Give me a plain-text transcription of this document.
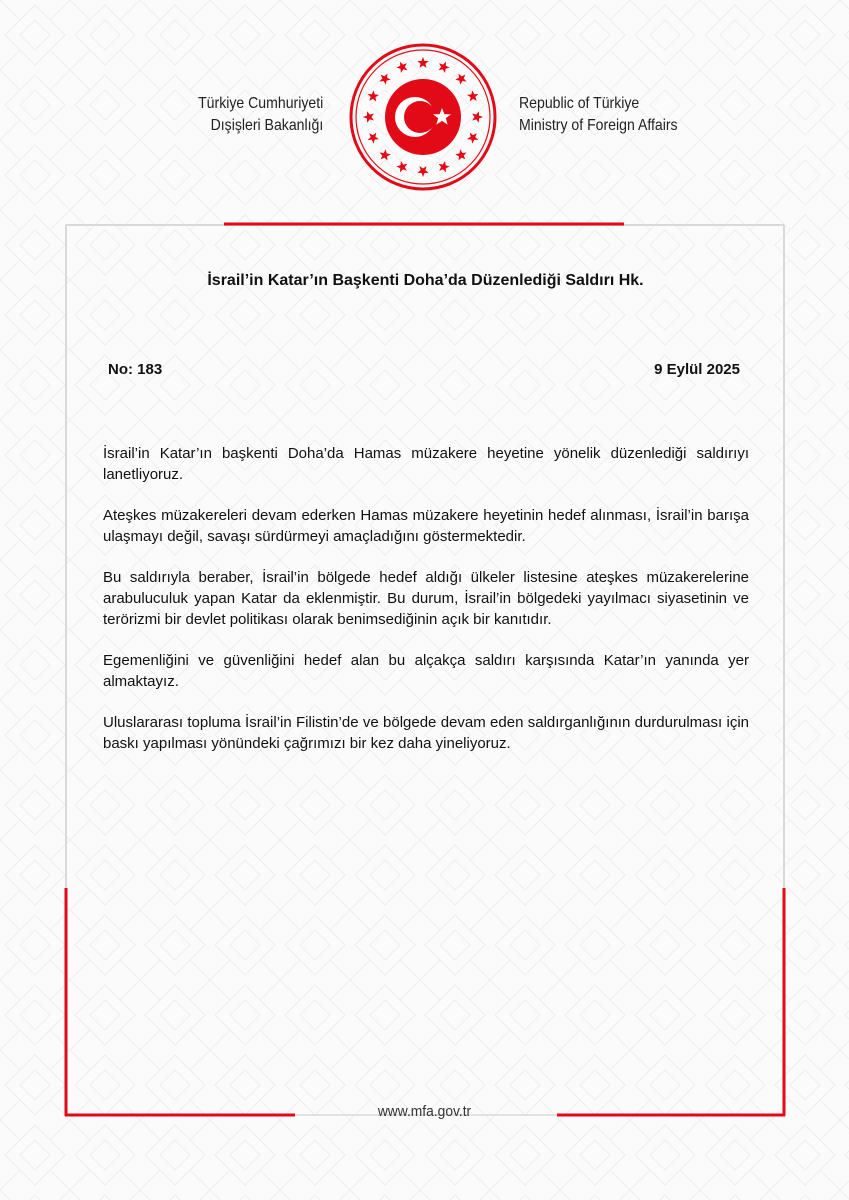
Türkiye Cumhuriyeti
Dışişleri Bakanlığı
Republic of Türkiye
Ministry of Foreign Affairs
İsrail’in Katar’ın Başkenti Doha’da Düzenlediği Saldırı Hk.
No: 183	9 Eylül 2025

İsrail’in Katar’ın başkenti Doha’da Hamas müzakere heyetine yönelik düzenlediği saldırıyı lanetliyoruz.

Ateşkes müzakereleri devam ederken Hamas müzakere heyetinin hedef alınması, İsrail’in barışa ulaşmayı değil, savaşı sürdürmeyi amaçladığını göstermektedir.

Bu saldırıyla beraber, İsrail’in bölgede hedef aldığı ülkeler listesine ateşkes müzakerelerine arabuluculuk yapan Katar da eklenmiştir. Bu durum, İsrail’in bölgedeki yayılmacı siyasetinin ve terörizmi bir devlet politikası olarak benimsediğinin açık bir kanıtıdır.

Egemenliğini ve güvenliğini hedef alan bu alçakça saldırı karşısında Katar’ın yanında yer almaktayız.

Uluslararası topluma İsrail’in Filistin’de ve bölgede devam eden saldırganlığının durdurulması için baskı yapılması yönündeki çağrımızı bir kez daha yineliyoruz.

www.mfa.gov.tr
